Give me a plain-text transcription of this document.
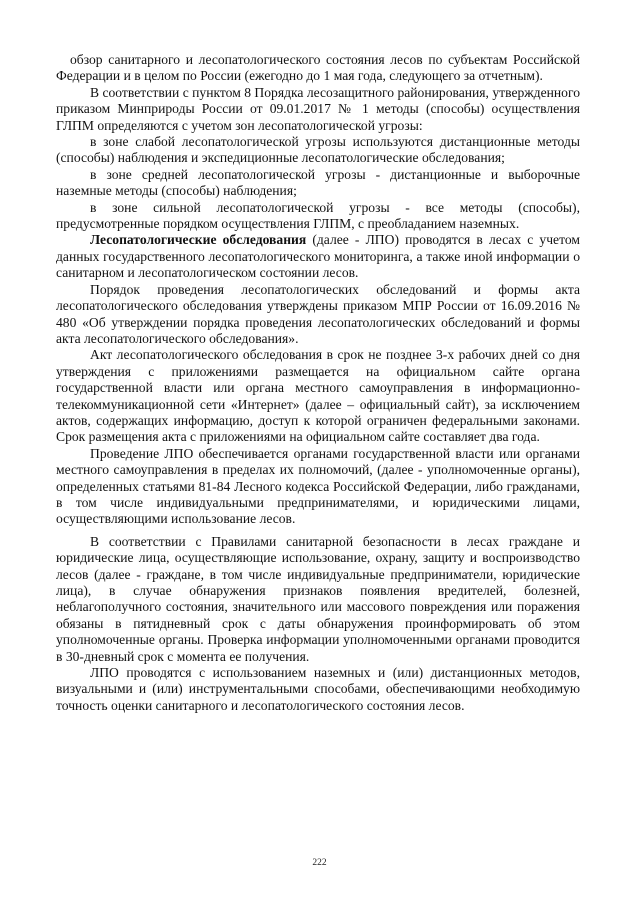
обзор санитарного и лесопатологического состояния лесов по субъектам Российской Федерации и в целом по России (ежегодно до 1 мая года, следующего за отчетным).

В соответствии с пунктом 8 Порядка лесозащитного районирования, утвержденного приказом Минприроды России от 09.01.2017 № 1 методы (способы) осуществления ГЛПМ определяются с учетом зон лесопатологической угрозы:

в зоне слабой лесопатологической угрозы используются дистанционные методы (способы) наблюдения и экспедиционные лесопатологические обследования;

в зоне средней лесопатологической угрозы - дистанционные и выборочные наземные методы (способы) наблюдения;

в зоне сильной лесопатологической угрозы - все методы (способы), предусмотренные порядком осуществления ГЛПМ, с преобладанием наземных.

Лесопатологические обследования (далее - ЛПО) проводятся в лесах с учетом данных государственного лесопатологического мониторинга, а также иной информации о санитарном и лесопатологическом состоянии лесов.

Порядок проведения лесопатологических обследований и формы акта лесопатологического обследования утверждены приказом МПР России от 16.09.2016 № 480 «Об утверждении порядка проведения лесопатологических обследований и формы акта лесопатологического обследования».

Акт лесопатологического обследования в срок не позднее 3-х рабочих дней со дня утверждения с приложениями размещается на официальном сайте органа государственной власти или органа местного самоуправления в информационно-телекоммуникационной сети «Интернет» (далее – официальный сайт), за исключением актов, содержащих информацию, доступ к которой ограничен федеральными законами. Срок размещения акта с приложениями на официальном сайте составляет два года.

Проведение ЛПО обеспечивается органами государственной власти или органами местного самоуправления в пределах их полномочий, (далее - уполномоченные органы), определенных статьями 81-84 Лесного кодекса Российской Федерации, либо гражданами, в том числе индивидуальными предпринимателями, и юридическими лицами, осуществляющими использование лесов.

В соответствии с Правилами санитарной безопасности в лесах граждане и юридические лица, осуществляющие использование, охрану, защиту и воспроизводство лесов (далее - граждане, в том числе индивидуальные предприниматели, юридические лица), в случае обнаружения признаков появления вредителей, болезней, неблагополучного состояния, значительного или массового повреждения или поражения обязаны в пятидневный срок с даты обнаружения проинформировать об этом уполномоченные органы. Проверка информации уполномоченными органами проводится в 30-дневный срок с момента ее получения.

ЛПО проводятся с использованием наземных и (или) дистанционных методов, визуальными и (или) инструментальными способами, обеспечивающими необходимую точность оценки санитарного и лесопатологического состояния лесов.

222
